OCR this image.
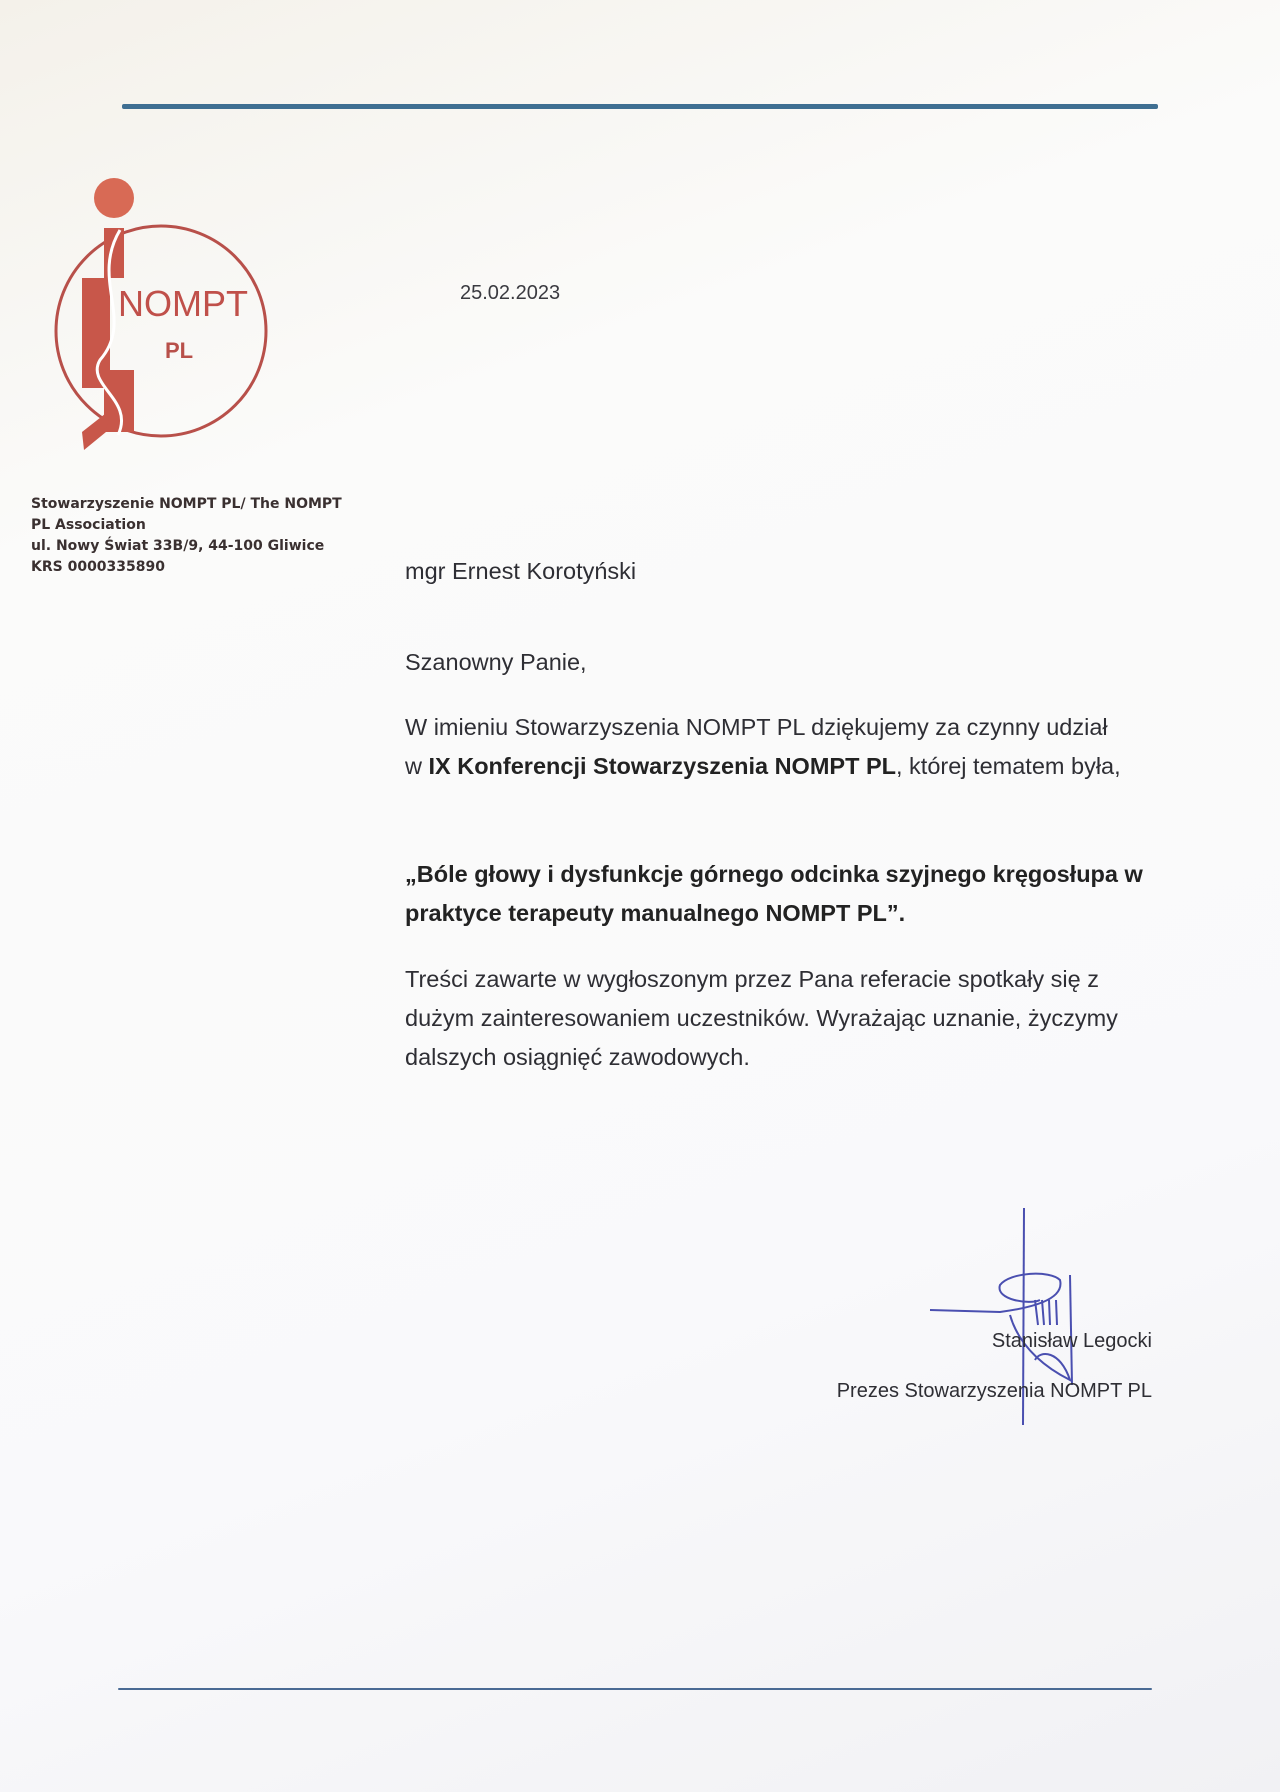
NOMPT
PL
Stowarzyszenie NOMPT PL/ The NOMPT
PL Association
ul. Nowy Świat 33B/9, 44-100 Gliwice
KRS 0000335890
25.02.2023
mgr Ernest Korotyński
Szanowny Panie,
W imieniu Stowarzyszenia NOMPT PL dziękujemy za czynny udział w IX Konferencji Stowarzyszenia NOMPT PL, której tematem była,
„Bóle głowy i dysfunkcje górnego odcinka szyjnego kręgosłupa w praktyce terapeuty manualnego NOMPT PL”.
Treści zawarte w wygłoszonym przez Pana referacie spotkały się z dużym zainteresowaniem uczestników. Wyrażając uznanie, życzymy dalszych osiągnięć zawodowych.
Stanisław Legocki
Prezes Stowarzyszenia NOMPT PL
